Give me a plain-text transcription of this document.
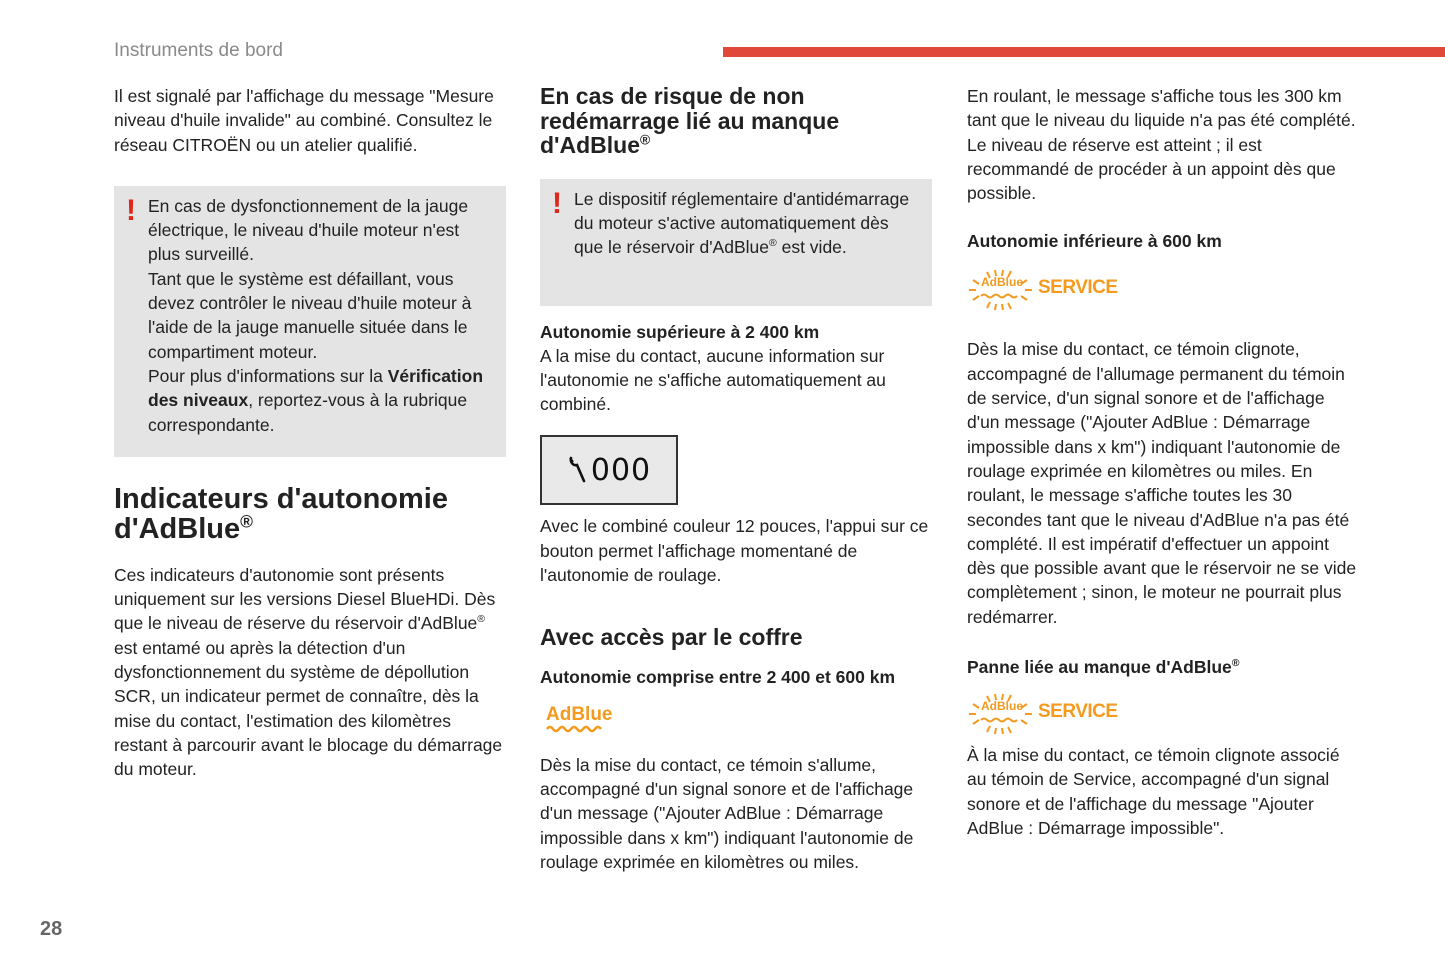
Instruments de bord

Il est signalé par l'affichage du message "Mesure niveau d'huile invalide" au combiné. Consultez le réseau CITROËN ou un atelier qualifié.

! En cas de dysfonctionnement de la jauge électrique, le niveau d'huile moteur n'est plus surveillé.

Tant que le système est défaillant, vous devez contrôler le niveau d'huile moteur à l'aide de la jauge manuelle située dans le compartiment moteur.

Pour plus d'informations sur la Vérification des niveaux, reportez-vous à la rubrique correspondante.

Indicateurs d'autonomie d'AdBlue®

Ces indicateurs d'autonomie sont présents uniquement sur les versions Diesel BlueHDi. Dès que le niveau de réserve du réservoir d'AdBlue® est entamé ou après la détection d'un dysfonctionnement du système de dépollution SCR, un indicateur permet de connaître, dès la mise du contact, l'estimation des kilomètres restant à parcourir avant le blocage du démarrage du moteur.

En cas de risque de non redémarrage lié au manque d'AdBlue®
! Le dispositif réglementaire d'antidémarrage du moteur s'active automatiquement dès que le réservoir d'AdBlue® est vide.

Autonomie supérieure à 2 400 km

A la mise du contact, aucune information sur l'autonomie ne s'affiche automatiquement au combiné.

000

Avec le combiné couleur 12 pouces, l'appui sur ce bouton permet l'affichage momentané de l'autonomie de roulage.

Avec accès par le coffre
Autonomie comprise entre 2 400 et 600 km
AdBlue

Dès la mise du contact, ce témoin s'allume, accompagné d'un signal sonore et de l'affichage d'un message ("Ajouter AdBlue : Démarrage impossible dans x km") indiquant l'autonomie de roulage exprimée en kilomètres ou miles.

En roulant, le message s'affiche tous les 300 km tant que le niveau du liquide n'a pas été complété. Le niveau de réserve est atteint ; il est recommandé de procéder à un appoint dès que possible.

Autonomie inférieure à 600 km
AdBlue SERVICE

Dès la mise du contact, ce témoin clignote, accompagné de l'allumage permanent du témoin de service, d'un signal sonore et de l'affichage d'un message ("Ajouter AdBlue : Démarrage impossible dans x km") indiquant l'autonomie de roulage exprimée en kilomètres ou miles. En roulant, le message s'affiche toutes les 30 secondes tant que le niveau d'AdBlue n'a pas été complété. Il est impératif d'effectuer un appoint dès que possible avant que le réservoir ne se vide complètement ; sinon, le moteur ne pourrait plus redémarrer.

Panne liée au manque d'AdBlue®
AdBlue SERVICE

À la mise du contact, ce témoin clignote associé au témoin de Service, accompagné d'un signal sonore et de l'affichage du message "Ajouter AdBlue : Démarrage impossible".

28
